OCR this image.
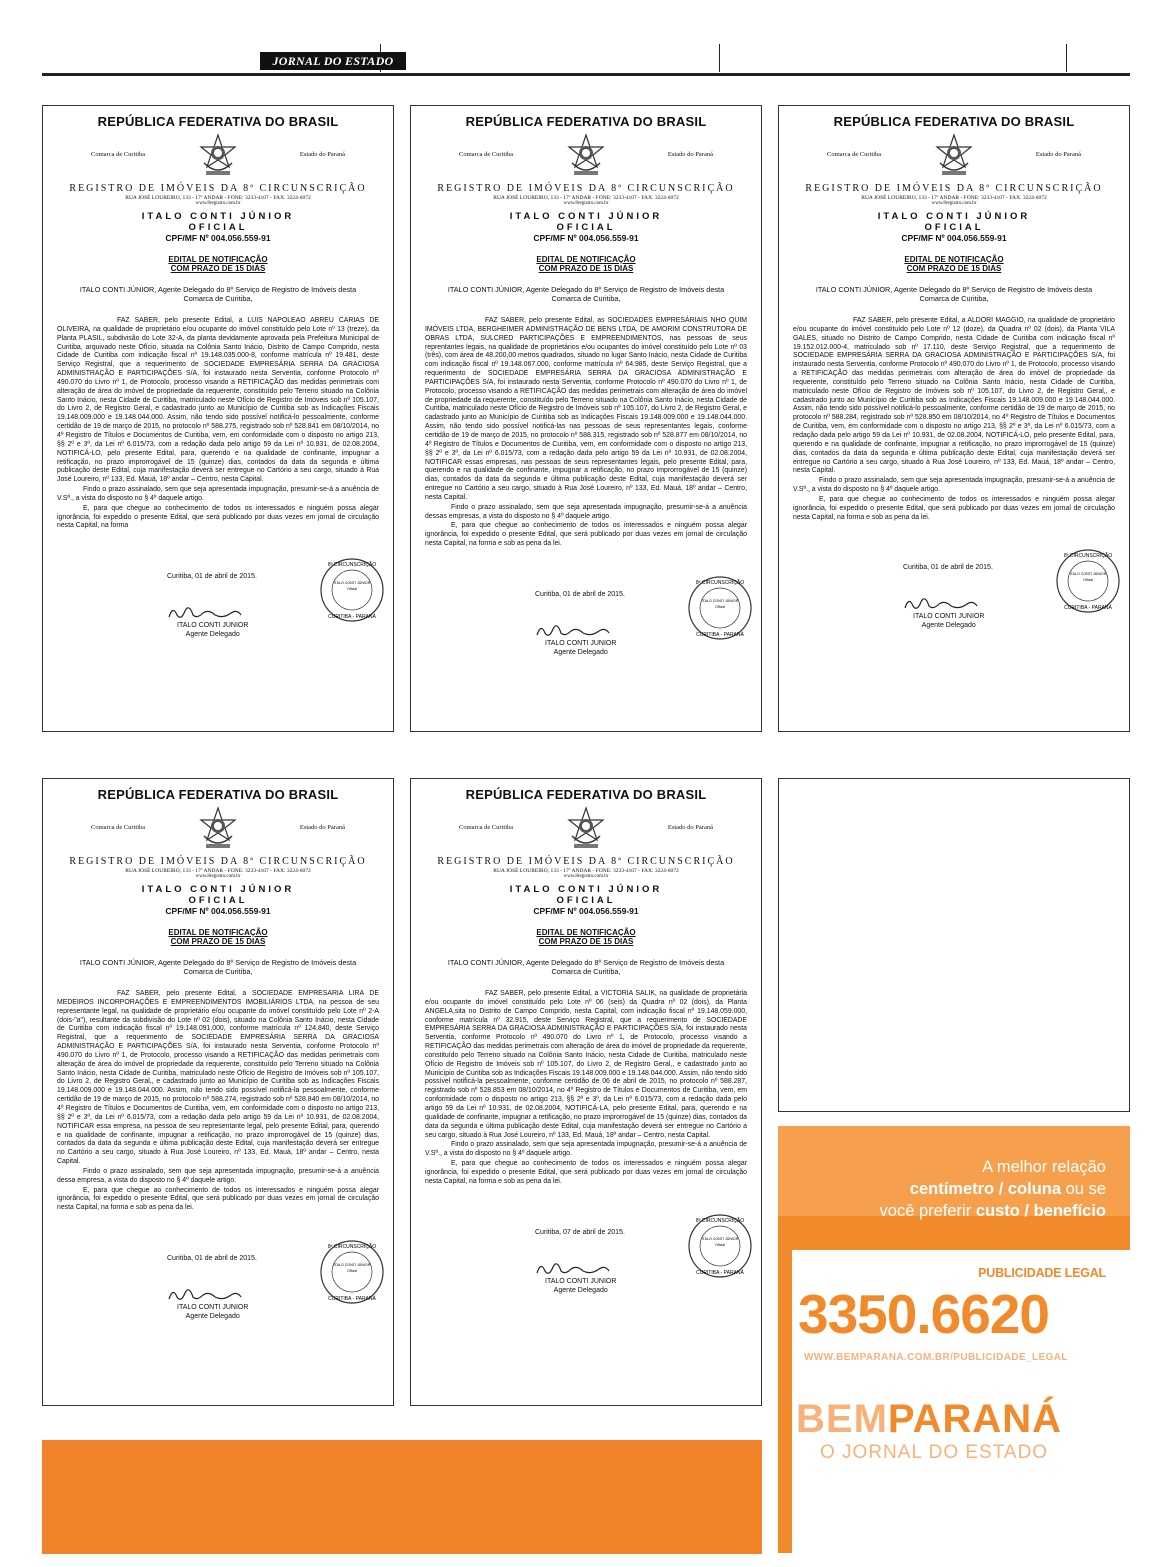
JORNAL DO ESTADO
REPÚBLICA FEDERATIVA DO BRASIL
Comarca de Curitiba	Estado do Paraná
REGISTRO DE IMÓVEIS DA 8ª CIRCUNSCRIÇÃO
RUA JOSÉ LOUREIRO, 133 - 17º ANDAR - FONE: 3233-4107 - FAX: 3224-6072
www.8registro.com.br
ITALO CONTI JÚNIOR
OFICIAL
CPF/MF Nº 004.056.559-91
EDITAL DE NOTIFICAÇÃO
COM PRAZO DE 15 DIAS
ITALO CONTI JÚNIOR, Agente Delegado do 8º Serviço de Registro de Imóveis desta Comarca de Curitiba,

FAZ SABER, pelo presente Edital, a LUIS NAPOLEAO ABREU CARIAS DE OLIVEIRA, na qualidade de proprietário e/ou ocupante do imóvel constituído pelo Lote nº 13 (treze), da Planta PLASIL, subdivisão do Lote 32-A, da planta devidamente aprovada pela Prefeitura Municipal de Curitiba, arquivado neste Ofício, situada na Colônia Santo Inácio, Distrito de Campo Comprido, nesta Cidade de Curitiba com indicação fiscal nº 19.148.035.000-8, conforme matrícula nº 19.481, deste Serviço Registral, que a requerimento de SOCIEDADE EMPRESÁRIA SERRA DA GRACIOSA ADMINISTRAÇÃO E PARTICIPAÇÕES S/A, foi instaurado nesta Serventia, conforme Protocolo nº 490.070 do Livro nº 1, de Protocolo, processo visando a RETIFICAÇÃO das medidas perimetrais com alteração de área do imóvel de propriedade da requerente, constituído pelo Terreno situado na Colônia Santo Inácio, nesta Cidade de Curitiba, matriculado neste Ofício de Registro de Imóveis sob nº 105.107, do Livro 2, de Registro Geral, e cadastrado junto ao Município de Curitiba sob as Indicações Fiscais 19.148.009.000 e 19.148.044.000. Assim, não tendo sido possível notificá-lo pessoalmente, conforme certidão de 19 de março de 2015, no protocolo nº 588.275, registrado sob nº 528.841 em 08/10/2014, no 4º Registro de Títulos e Documentos de Curitiba, vem, em conformidade com o disposto no artigo 213, §§ 2º e 3º, da Lei nº 6.015/73, com a redação dada pelo artigo 59 da Lei nº 10.931, de 02.08.2004, NOTIFICÁ-LO, pelo presente Edital, para, querendo e na qualidade de confinante, impugnar a retificação, no prazo improrrogável de 15 (quinze) dias, contados da data da segunda e última publicação deste Edital, cuja manifestação deverá ser entregue no Cartório a seu cargo, situado à Rua José Loureiro, nº 133, Ed. Mauá, 18º andar – Centro, nesta Capital.

Findo o prazo assinalado, sem que seja apresentada impugnação, presumir-se-á a anuência de V.Sª., a vista do disposto no § 4º daquele artigo.

E, para que chegue ao conhecimento de todos os interessados e ninguém possa alegar ignorância, foi expedido o presente Edital, que será publicado por duas vezes em jornal de circulação nesta Capital, na forma

Curitiba, 01 de abril de 2015.
ITALO CONTI JUNIOR
Agente Delegado
8ª CIRCUNSCRIÇÃO
ITALO CONTI JÚNIOR
Oficial
CURITIBA - PARANÁ
REPÚBLICA FEDERATIVA DO BRASIL
Comarca de Curitiba	Estado do Paraná
REGISTRO DE IMÓVEIS DA 8ª CIRCUNSCRIÇÃO
RUA JOSÉ LOUREIRO, 133 - 17º ANDAR - FONE: 3233-4107 - FAX: 3224-6072
www.8registro.com.br
ITALO CONTI JÚNIOR
OFICIAL
CPF/MF Nº 004.056.559-91
EDITAL DE NOTIFICAÇÃO
COM PRAZO DE 15 DIAS
ITALO CONTI JÚNIOR, Agente Delegado do 8º Serviço de Registro de Imóveis desta Comarca de Curitiba,

FAZ SABER, pelo presente Edital, as SOCIEDADES EMPRESÁRIAIS NHO QUIM IMÓVEIS LTDA, BERGHEIMER ADMINISTRAÇÃO DE BENS LTDA, DE AMORIM CONSTRUTORA DE OBRAS LTDA, SULCRED PARTICIPAÇÕES E EMPREENDIMENTOS, nas pessoas de seus reprentantes legais, na qualidade de proprietários e/ou ocupantes do imóvel constituído pelo Lote nº 03 (três), com área de 48.200,00 metros quadrados, situado no lugar Santo Inácio, nesta Cidade de Curitiba com indicação fiscal nº 19.148.067.000, conforme matrícula nº 64.985, deste Serviço Registral, que a requerimento de SOCIEDADE EMPRESÁRIA SERRA DA GRACIOSA ADMINISTRAÇÃO E PARTICIPAÇÕES S/A, foi instaurado nesta Serventia, conforme Protocolo nº 490.070 do Livro nº 1, de Protocolo, processo visando a RETIFICAÇÃO das medidas perimetrais com alteração de área do imóvel de propriedade da requerente, constituído pelo Terreno situado na Colônia Santo Inácio, nesta Cidade de Curitiba, matriculado neste Ofício de Registro de Imóveis sob nº 105.107, do Livro 2, de Registro Geral, e cadastrado junto ao Município de Curitiba sob as Indicações Fiscais 19.148.009.000 e 19.148.044.000. Assim, não tendo sido possível notificá-las nas pessoas de seus representantes legais, conforme certidão de 19 de março de 2015, no protocolo nº 588.315, registrado sob nº 528.877 em 08/10/2014, no 4º Registro de Títulos e Documentos de Curitiba, vem, em conformidade com o disposto no artigo 213, §§ 2º e 3º, da Lei nº 6.015/73, com a redação dada pelo artigo 59 da Lei nº 10.931, de 02.08.2004, NOTIFICAR essas empresas, nas pessoas de seus representantes legais, pelo presente Edital, para, querendo e na qualidade de confinante, impugnar a retificação, no prazo improrrogável de 15 (quinze) dias, contados da data da segunda e última publicação deste Edital, cuja manifestação deverá ser entregue no Cartório a seu cargo, situado à Rua José Loureiro, nº 133, Ed. Mauá, 18º andar – Centro, nesta Capital.

Findo o prazo assinalado, sem que seja apresentada impugnação, presumir-se-á a anuência dessas empresas, a vista do disposto no § 4º daquele artigo.

E, para que chegue ao conhecimento de todos os interessados e ninguém possa alegar ignorância, foi expedido o presente Edital, que será publicado por duas vezes em jornal de circulação nesta Capital, na forma e sob as pena da lei.

Curitiba, 01 de abril de 2015.
ITALO CONTI JUNIOR
Agente Delegado
8ª CIRCUNSCRIÇÃO
ITALO CONTI JÚNIOR
Oficial
CURITIBA - PARANÁ
REPÚBLICA FEDERATIVA DO BRASIL
Comarca de Curitiba	Estado do Paraná
REGISTRO DE IMÓVEIS DA 8ª CIRCUNSCRIÇÃO
RUA JOSÉ LOUREIRO, 133 - 17º ANDAR - FONE: 3233-4107 - FAX: 3224-6072
www.8registro.com.br
ITALO CONTI JÚNIOR
OFICIAL
CPF/MF Nº 004.056.559-91
EDITAL DE NOTIFICAÇÃO
COM PRAZO DE 15 DIAS
ITALO CONTI JÚNIOR, Agente Delegado do 8º Serviço de Registro de Imóveis desta Comarca de Curitiba,

FAZ SABER, pelo presente Edital, a ALDORI MAGGIO, na qualidade de proprietário e/ou ocupante do imóvel constituído pelo Lote nº 12 (doze), da Quadra nº 02 (dois), da Planta VILA GALES, situado no Distrito de Campo Comprido, nesta Cidade de Curitiba com indicação fiscal nº 19.152.012.000-4, matriculado sob nº 17.110, deste Serviço Registral, que a requerimento de SOCIEDADE EMPRESÁRIA SERRA DA GRACIOSA ADMINISTRAÇÃO E PARTICIPAÇÕES S/A, foi instaurado nesta Serventia, conforme Protocolo nº 490.070 do Livro nº 1, de Protocolo, processo visando a RETIFICAÇÃO das medidas perimetrais com alteração de área do imóvel de propriedade da requerente, constituído pelo Terreno situado na Colônia Santo Inácio, nesta Cidade de Curitiba, matriculado neste Ofício de Registro de Imóveis sob nº 105.107, do Livro 2, de Registro Geral,, e cadastrado junto ao Município de Curitiba sob as Indicações Fiscais 19.148.009.000 e 19.148.044.000. Assim, não tendo sido possível notificá-lo pessoalmente, conforme certidão de 19 de março de 2015, no protocolo nº 588.284, registrado sob nº 528.850 em 08/10/2014, no 4º Registro de Títulos e Documentos de Curitiba, vem, em conformidade com o disposto no artigo 213, §§ 2º e 3º, da Lei nº 6.015/73, com a redação dada pelo artigo 59 da Lei nº 10.931, de 02.08.2004, NOTIFICÁ-LO, pelo presente Edital, para, querendo e na qualidade de confinante, impugnar a retificação, no prazo improrrogável de 15 (quinze) dias, contados da data da segunda e última publicação deste Edital, cuja manifestação deverá ser entregue no Cartório a seu cargo, situado à Rua José Loureiro, nº 133, Ed. Mauá, 18º andar – Centro, nesta Capital.

Findo o prazo assinalado, sem que seja apresentada impugnação, presumir-se-á a anuência de V.Sª., a vista do disposto no § 4º daquele artigo.

E, para que chegue ao conhecimento de todos os interessados e ninguém possa alegar ignorância, foi expedido o presente Edital, que será publicado por duas vezes em jornal de circulação nesta Capital, na forma e sob as pena da lei.

Curitiba, 01 de abril de 2015.
ITALO CONTI JUNIOR
Agente Delegado
8ª CIRCUNSCRIÇÃO
ITALO CONTI JÚNIOR
Oficial
CURITIBA - PARANÁ
REPÚBLICA FEDERATIVA DO BRASIL
Comarca de Curitiba	Estado do Paraná
REGISTRO DE IMÓVEIS DA 8ª CIRCUNSCRIÇÃO
RUA JOSÉ LOUREIRO, 133 - 17º ANDAR - FONE: 3233-4107 - FAX: 3224-6072
www.8registro.com.br
ITALO CONTI JÚNIOR
OFICIAL
CPF/MF Nº 004.056.559-91
EDITAL DE NOTIFICAÇÃO
COM PRAZO DE 15 DIAS
ITALO CONTI JÚNIOR, Agente Delegado do 8º Serviço de Registro de Imóveis desta Comarca de Curitiba,

FAZ SABER, pelo presente Edital, a SOCIEDADE EMPRESARIA LIRA DE MEDEIROS INCORPORAÇÕES E EMPREENDIMENTOS IMOBILIÁRIOS LTDA, na pessoa de seu representante legal, na qualidade de proprietário e/ou ocupante do imóvel constituído pelo Lote nº 2-A (dois-"a"), resultante da subdivisão do Lote nº 02 (dois), situado na Colônia Santo Inácio, nesta Cidade de Curitiba com indicação fiscal nº 19.148.091.000, conforme matrícula nº 124.840, deste Serviço Registral, que a requerimento de SOCIEDADE EMPRESÁRIA SERRA DA GRACIOSA ADMINISTRAÇÃO E PARTICIPAÇÕES S/A, foi instaurado nesta Serventia, conforme Protocolo nº 490.070 do Livro nº 1, de Protocolo, processo visando a RETIFICAÇÃO das medidas perimetrais com alteração de área do imóvel de propriedade da requerente, constituído pelo Terreno situado na Colônia Santo Inácio, nesta Cidade de Curitiba, matriculado neste Ofício de Registro de Imóveis sob nº 105.107, do Livro 2, de Registro Geral,, e cadastrado junto ao Município de Curitiba sob as Indicações Fiscais 19.148.009.000 e 19.148.044.000. Assim, não tendo sido possível notificá-la pessoalmente, conforme certidão de 19 de março de 2015, no protocolo nº 588.274, registrado sob nº 528.840 em 08/10/2014, no 4º Registro de Títulos e Documentos de Curitiba, vem, em conformidade com o disposto no artigo 213, §§ 2º e 3º, da Lei nº 6.015/73, com a redação dada pelo artigo 59 da Lei nº 10.931, de 02.08.2004, NOTIFICAR essa empresa, na pessoa de seu representante legal, pelo presente Edital, para, querendo e na qualidade de confinante, impugnar a retificação, no prazo improrrogável de 15 (quinze) dias, contados da data da segunda e última publicação deste Edital, cuja manifestação deverá ser entregue no Cartório a seu cargo, situado à Rua José Loureiro, nº 133, Ed. Mauá, 18º andar – Centro, nesta Capital.

Findo o prazo assinalado, sem que seja apresentada impugnação, presumir-se-á a anuência dessa empresa, a vista do disposto no § 4º daquele artigo.

E, para que chegue ao conhecimento de todos os interessados e ninguém possa alegar ignorância, foi expedido o presente Edital, que será publicado por duas vezes em jornal de circulação nesta Capital, na forma e sob as pena da lei.

Curitiba, 01 de abril de 2015.
ITALO CONTI JUNIOR
Agente Delegado
8ª CIRCUNSCRIÇÃO
ITALO CONTI JÚNIOR
Oficial
CURITIBA - PARANÁ
REPÚBLICA FEDERATIVA DO BRASIL
Comarca de Curitiba	Estado do Paraná
REGISTRO DE IMÓVEIS DA 8ª CIRCUNSCRIÇÃO
RUA JOSÉ LOUREIRO, 133 - 17º ANDAR - FONE: 3233-4107 - FAX: 3224-6072
www.8registro.com.br
ITALO CONTI JÚNIOR
OFICIAL
CPF/MF Nº 004.056.559-91
EDITAL DE NOTIFICAÇÃO
COM PRAZO DE 15 DIAS
ITALO CONTI JÚNIOR, Agente Delegado do 8º Serviço de Registro de Imóveis desta Comarca de Curitiba,

FAZ SABER, pelo presente Edital, a VICTORIA SALIK, na qualidade de proprietária e/ou ocupante do imóvel constituído pelo Lote nº 06 (seis) da Quadra nº 02 (dois), da Planta ANGELA,sita no Distrito de Campo Comprido, nesta Capital, com indicação fiscal nº 19.148.059.000, conforme matrícula nº 32.915, deste Serviço Registral, que a requerimento de SOCIEDADE EMPRESÁRIA SERRA DA GRACIOSA ADMINISTRAÇÃO E PARTICIPAÇÕES S/A, foi instaurado nesta Serventia, conforme Protocolo nº 490.070 do Livro nº 1, de Protocolo, processo visando a RETIFICAÇÃO das medidas perimetrais com alteração de área do imóvel de propriedade da requerente, constituído pelo Terreno situado na Colônia Santo Inácio, nesta Cidade de Curitiba, matriculado neste Ofício de Registro de Imóveis sob nº 105.107, do Livro 2, de Registro Geral,, e cadastrado junto ao Município de Curitiba sob as Indicações Fiscais 19.148.009.000 e 19.148.044.000. Assim, não tendo sido possível notificá-la pessoalmente, conforme certidão de 06 de abril de 2015, no protocolo nº 588.287, registrado sob nº 528.853 em 08/10/2014, no 4º Registro de Títulos e Documentos de Curitiba, vem, em conformidade com o disposto no artigo 213, §§ 2º e 3º, da Lei nº 6.015/73, com a redação dada pelo artigo 59 da Lei nº 10.931, de 02.08.2004, NOTIFICÁ-LA, pelo presente Edital, para, querendo e na qualidade de confinante, impugnar a retificação, no prazo improrrogável de 15 (quinze) dias, contados da data da segunda e última publicação deste Edital, cuja manifestação deverá ser entregue no Cartório a seu cargo, situado à Rua José Loureiro, nº 133, Ed. Mauá, 18º andar – Centro, nesta Capital.

Findo o prazo assinalado, sem que seja apresentada impugnação, presumir-se-á a anuência de V.Sª., a vista do disposto no § 4º daquele artigo.

E, para que chegue ao conhecimento de todos os interessados e ninguém possa alegar ignorância, foi expedido o presente Edital, que será publicado por duas vezes em jornal de circulação nesta Capital, na forma e sob as pena da lei.

Curitiba, 07 de abril de 2015.
ITALO CONTI JUNIOR
Agente Delegado
8ª CIRCUNSCRIÇÃO
ITALO CONTI JÚNIOR
Oficial
CURITIBA - PARANÁ
A melhor relação
centímetro / coluna ou se
você preferir custo / benefício
PUBLICIDADE LEGAL
3350.6620
WWW.BEMPARANA.COM.BR/PUBLICIDADE_LEGAL
BEMPARANÁ
O JORNAL DO ESTADO
